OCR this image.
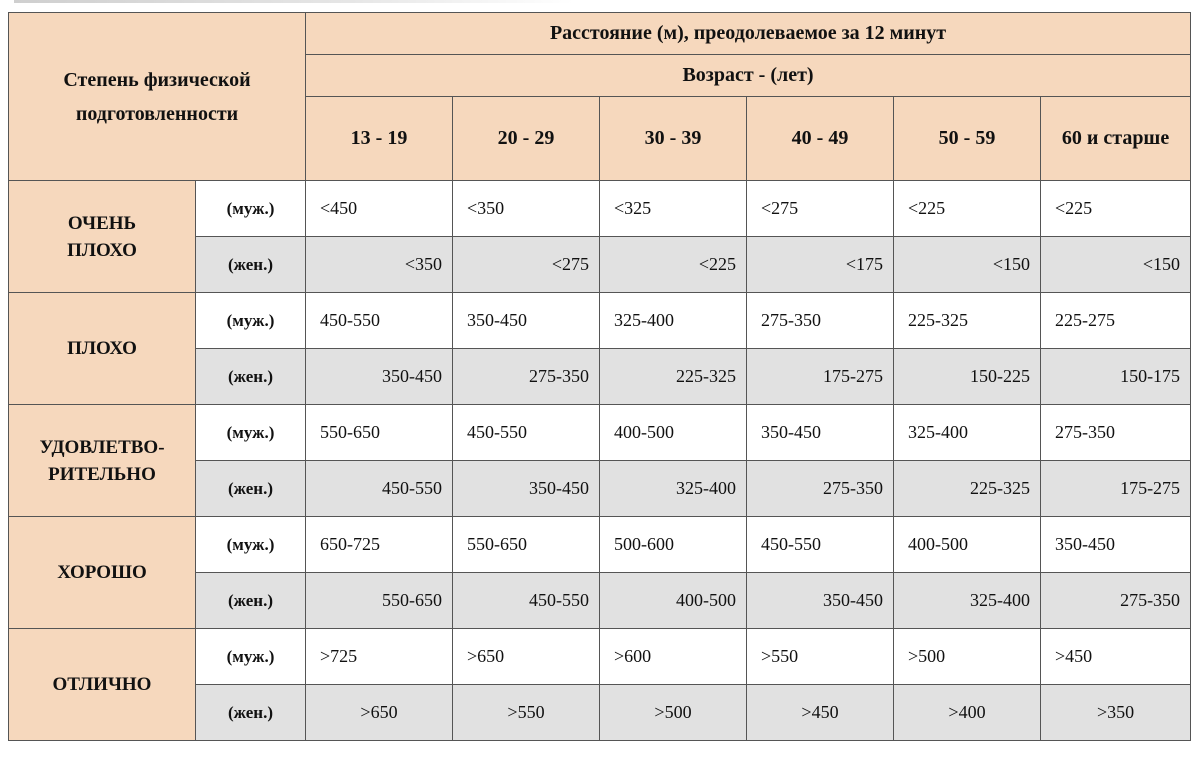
Степень физической подготовленности		Расстояние (м), преодолеваемое за 12 минут					
		Возраст - (лет)					
		13 - 19	20 - 29	30 - 39	40 - 49	50 - 59	60 и старше
ОЧЕНЬ ПЛОХО	(муж.)	<450	<350	<325	<275	<225	<225
	(жен.)	<350	<275	<225	<175	<150	<150
ПЛОХО	(муж.)	450-550	350-450	325-400	275-350	225-325	225-275
	(жен.)	350-450	275-350	225-325	175-275	150-225	150-175
УДОВЛЕТВО-РИТЕЛЬНО	(муж.)	550-650	450-550	400-500	350-450	325-400	275-350
	(жен.)	450-550	350-450	325-400	275-350	225-325	175-275
ХОРОШО	(муж.)	650-725	550-650	500-600	450-550	400-500	350-450
	(жен.)	550-650	450-550	400-500	350-450	325-400	275-350
ОТЛИЧНО	(муж.)	>725	>650	>600	>550	>500	>450
	(жен.)	>650	>550	>500	>450	>400	>350
